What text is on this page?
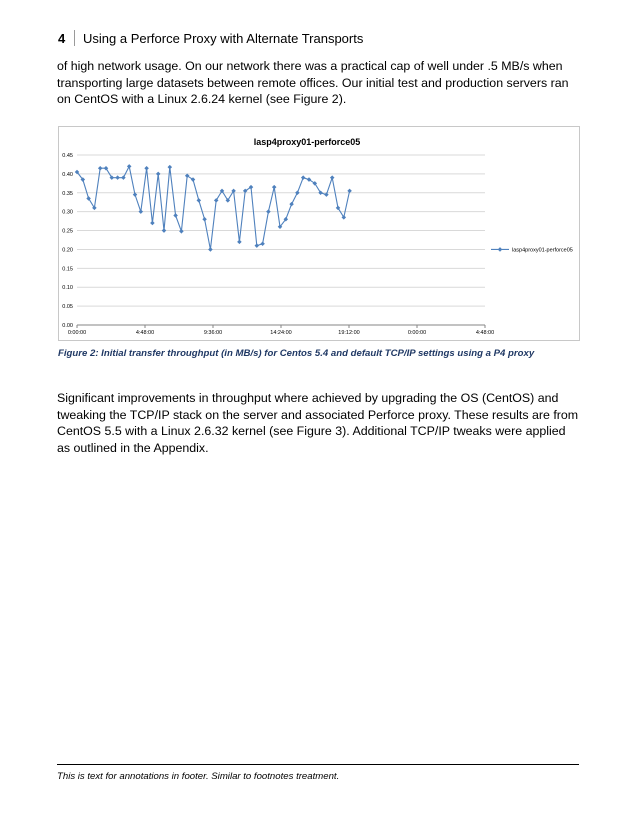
4	Using a Perforce Proxy with Alternate Transports

of high network usage. On our network there was a practical cap of well under .5 MB/s when transporting large datasets between remote offices. Our initial test and production servers ran on CentOS with a Linux 2.6.24 kernel (see Figure 2).

lasp4proxy01-perforce05
0.00
0.05
0.10
0.15
0.20
0.25
0.30
0.35
0.40
0.45
0:00:00	4:48:00	9:36:00	14:24:00	19:12:00	0:00:00	4:48:00
lasp4proxy01-perforce05
Figure 2: Initial transfer throughput (in MB/s) for Centos 5.4 and default TCP/IP settings using a P4 proxy

Significant improvements in throughput where achieved by upgrading the OS (CentOS) and tweaking the TCP/IP stack on the server and associated Perforce proxy. These results are from CentOS 5.5 with a Linux 2.6.32 kernel (see Figure 3). Additional TCP/IP tweaks were applied as outlined in the Appendix.

This is text for annotations in footer. Similar to footnotes treatment.
